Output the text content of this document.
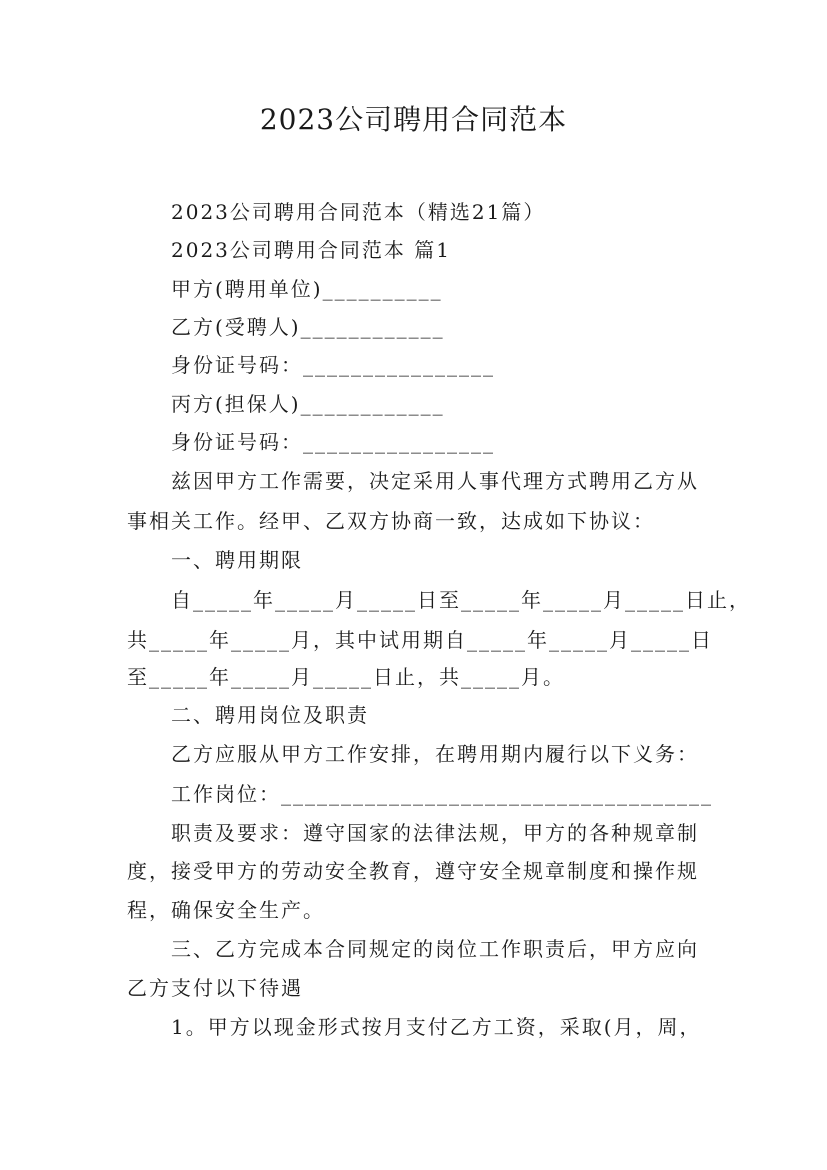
2023公司聘用合同范本
　　2023公司聘用合同范本（精选21篇）
　　2023公司聘用合同范本 篇1
　　甲方(聘用单位)__________
　　乙方(受聘人)____________
　　身份证号码：________________
　　丙方(担保人)____________
　　身份证号码：________________
　　兹因甲方工作需要，决定采用人事代理方式聘用乙方从
事相关工作。经甲、乙双方协商一致，达成如下协议：
　　一、聘用期限
　　自_____年_____月_____日至_____年_____月_____日止，
共_____年_____月，其中试用期自_____年_____月_____日
至_____年_____月_____日止，共_____月。
　　二、聘用岗位及职责
　　乙方应服从甲方工作安排，在聘用期内履行以下义务：
　　工作岗位：____________________________________
　　职责及要求：遵守国家的法律法规，甲方的各种规章制
度，接受甲方的劳动安全教育，遵守安全规章制度和操作规
程，确保安全生产。
　　三、乙方完成本合同规定的岗位工作职责后，甲方应向
乙方支付以下待遇
　　1。甲方以现金形式按月支付乙方工资，采取(月，周，
